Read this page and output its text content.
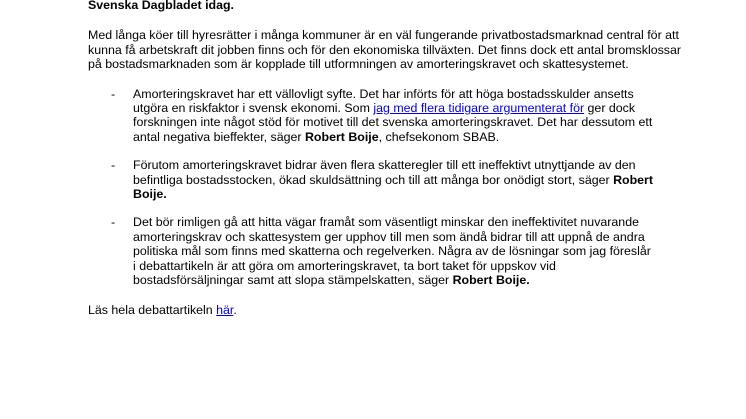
Svenska Dagbladet idag.

Med långa köer till hyresrätter i många kommuner är en väl fungerande privatbostadsmarknad central för att kunna få arbetskraft dit jobben finns och för den ekonomiska tillväxten. Det finns dock ett antal bromsklossar på bostadsmarknaden som är kopplade till utformningen av amorteringskravet och skattesystemet.

- Amorteringskravet har ett vällovligt syfte. Det har införts för att höga bostadsskulder ansetts utgöra en riskfaktor i svensk ekonomi. Som jag med flera tidigare argumenterat för ger dock forskningen inte något stöd för motivet till det svenska amorteringskravet. Det har dessutom ett antal negativa bieffekter, säger Robert Boije, chefsekonom SBAB.
- Förutom amorteringskravet bidrar även flera skatteregler till ett ineffektivt utnyttjande av den befintliga bostadsstocken, ökad skuldsättning och till att många bor onödigt stort, säger Robert Boije.
- Det bör rimligen gå att hitta vägar framåt som väsentligt minskar den ineffektivitet nuvarande amorteringskrav och skattesystem ger upphov till men som ändå bidrar till att uppnå de andra politiska mål som finns med skatterna och regelverken. Några av de lösningar som jag föreslår i debattartikeln är att göra om amorteringskravet, ta bort taket för uppskov vid bostadsförsäljningar samt att slopa stämpelskatten, säger Robert Boije.

Läs hela debattartikeln här.
